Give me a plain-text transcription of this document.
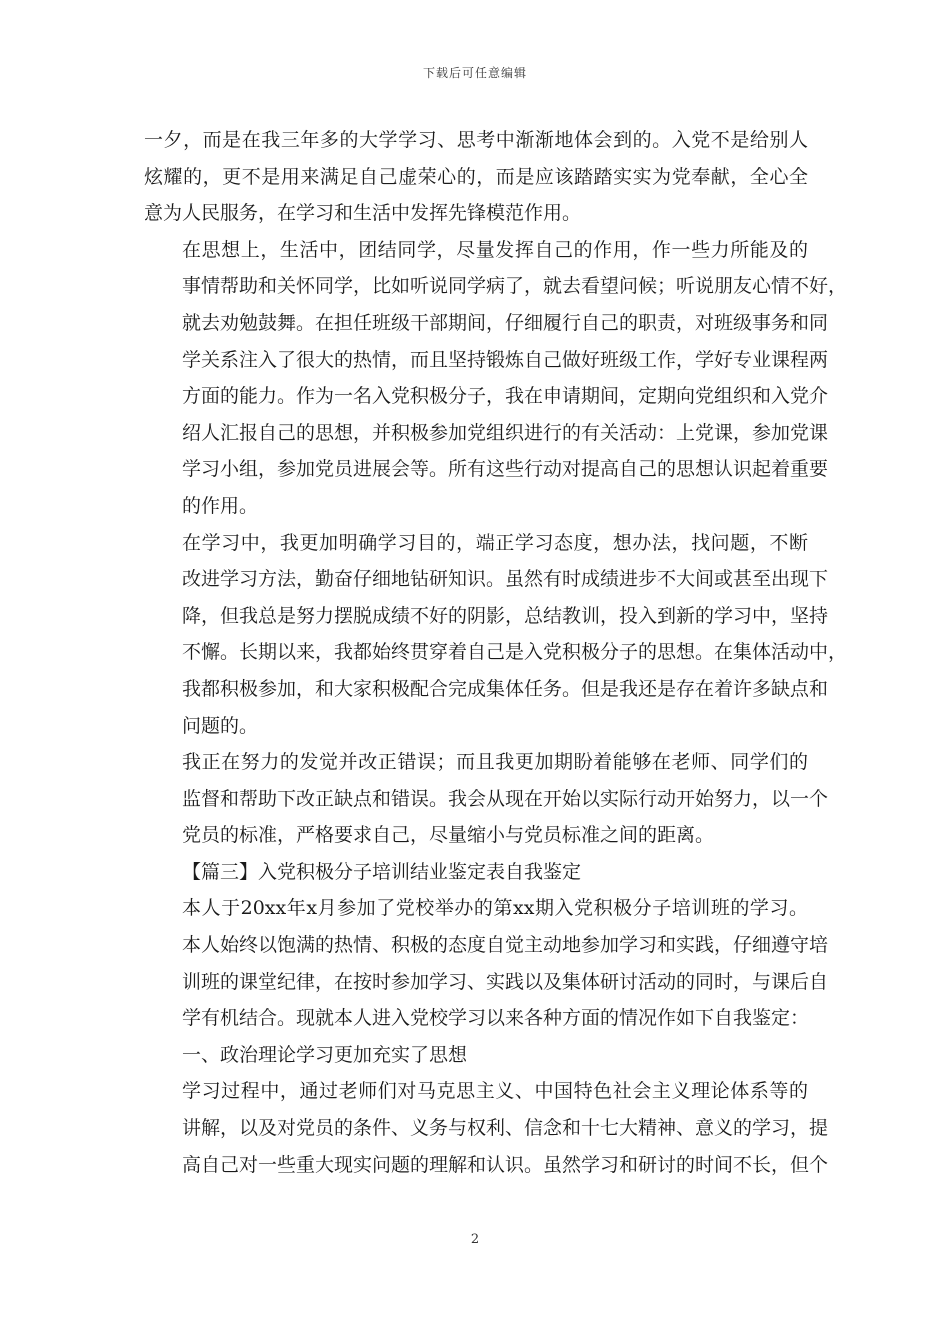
下载后可任意编辑
一夕，而是在我三年多的大学学习、思考中渐渐地体会到的。入党不是给别人
炫耀的，更不是用来满足自己虚荣心的，而是应该踏踏实实为党奉献，全心全
意为人民服务，在学习和生活中发挥先锋模范作用。
在思想上，生活中，团结同学，尽量发挥自己的作用，作一些力所能及的
事情帮助和关怀同学，比如听说同学病了，就去看望问候；听说朋友心情不好，
就去劝勉鼓舞。在担任班级干部期间，仔细履行自己的职责，对班级事务和同
学关系注入了很大的热情，而且坚持锻炼自己做好班级工作，学好专业课程两
方面的能力。作为一名入党积极分子，我在申请期间，定期向党组织和入党介
绍人汇报自己的思想，并积极参加党组织进行的有关活动：上党课，参加党课
学习小组，参加党员进展会等。所有这些行动对提高自己的思想认识起着重要
的作用。
在学习中，我更加明确学习目的，端正学习态度，想办法，找问题，不断
改进学习方法，勤奋仔细地钻研知识。虽然有时成绩进步不大间或甚至出现下
降，但我总是努力摆脱成绩不好的阴影，总结教训，投入到新的学习中，坚持
不懈。长期以来，我都始终贯穿着自己是入党积极分子的思想。在集体活动中，
我都积极参加，和大家积极配合完成集体任务。但是我还是存在着许多缺点和
问题的。
我正在努力的发觉并改正错误；而且我更加期盼着能够在老师、同学们的
监督和帮助下改正缺点和错误。我会从现在开始以实际行动开始努力，以一个
党员的标准，严格要求自己，尽量缩小与党员标准之间的距离。
【篇三】入党积极分子培训结业鉴定表自我鉴定
本人于20xx年x月参加了党校举办的第xx期入党积极分子培训班的学习。
本人始终以饱满的热情、积极的态度自觉主动地参加学习和实践，仔细遵守培
训班的课堂纪律，在按时参加学习、实践以及集体研讨活动的同时，与课后自
学有机结合。现就本人进入党校学习以来各种方面的情况作如下自我鉴定：
一、政治理论学习更加充实了思想
学习过程中，通过老师们对马克思主义、中国特色社会主义理论体系等的
讲解，以及对党员的条件、义务与权利、信念和十七大精神、意义的学习，提
高自己对一些重大现实问题的理解和认识。虽然学习和研讨的时间不长，但个
2
